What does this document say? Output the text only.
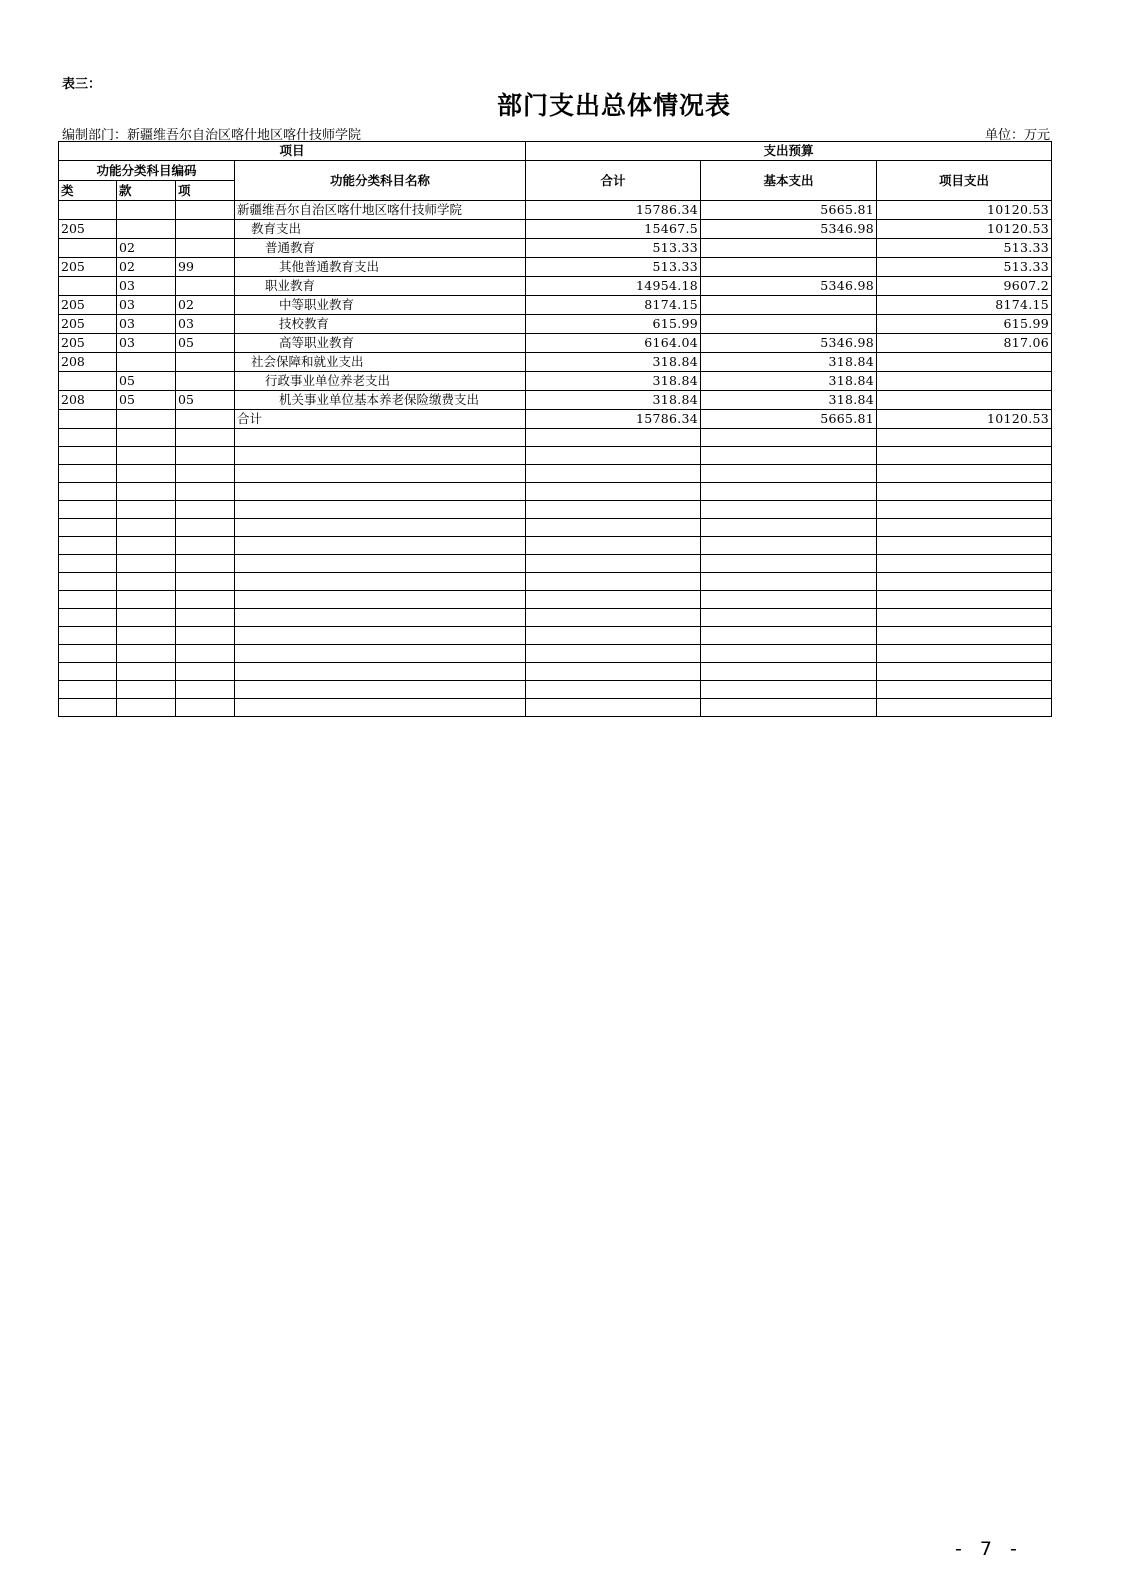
表三：
部门支出总体情况表
编制部门：新疆维吾尔自治区喀什地区喀什技师学院	单位：万元
项目				支出预算		
功能分类科目编码			功能分类科目名称	合计	基本支出	项目支出
类	款	项				
			新疆维吾尔自治区喀什地区喀什技师学院	15786.34	5665.81	10120.53
205			教育支出	15467.5	5346.98	10120.53
	02		普通教育	513.33		513.33
205	02	99	其他普通教育支出	513.33		513.33
	03		职业教育	14954.18	5346.98	9607.2
205	03	02	中等职业教育	8174.15		8174.15
205	03	03	技校教育	615.99		615.99
205	03	05	高等职业教育	6164.04	5346.98	817.06
208			社会保障和就业支出	318.84	318.84	
	05		行政事业单位养老支出	318.84	318.84	
208	05	05	机关事业单位基本养老保险缴费支出	318.84	318.84	
			合计	15786.34	5665.81	10120.53

- 7 -
